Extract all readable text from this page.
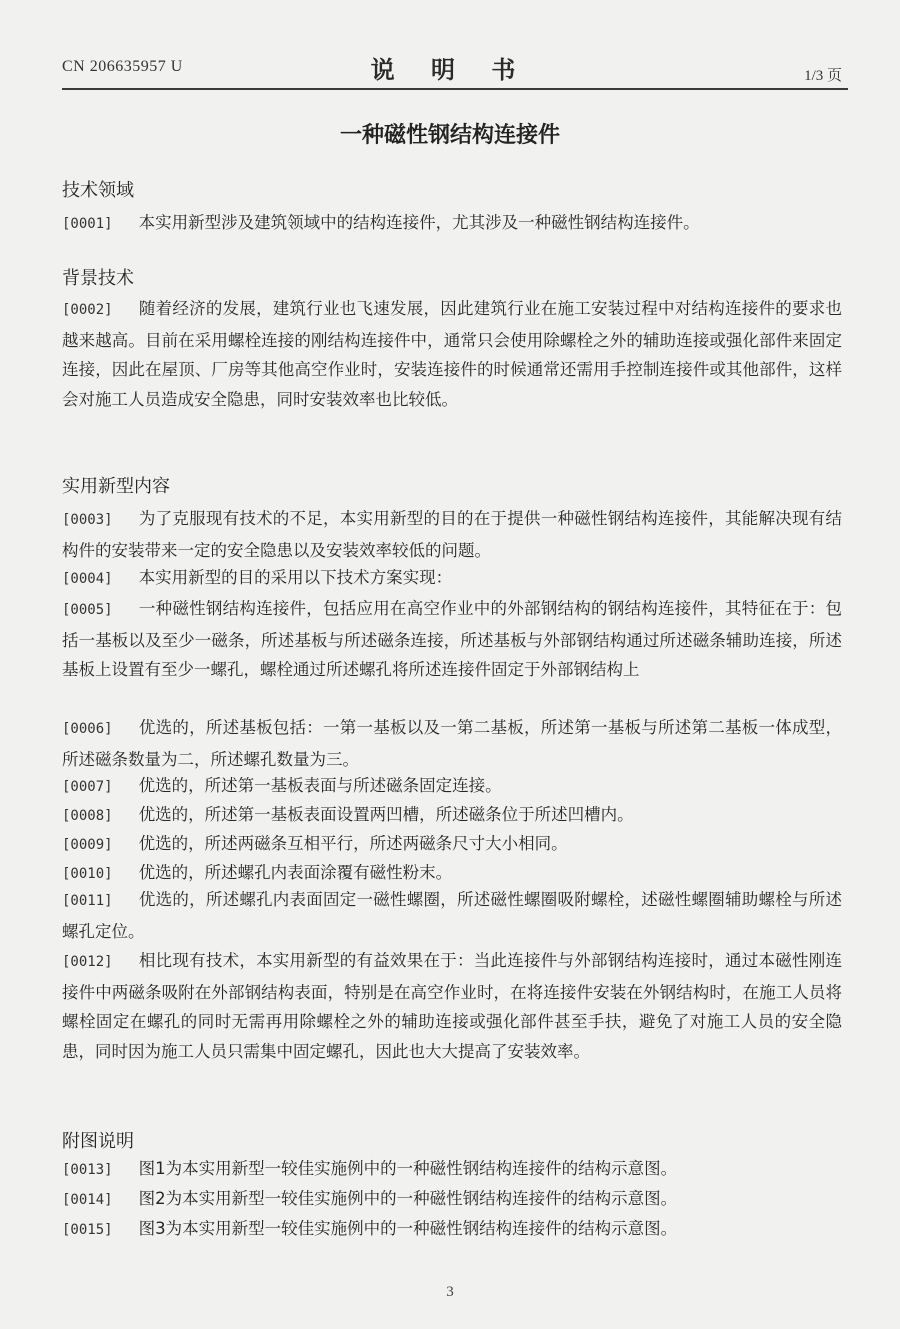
CN 206635957 U	说 明 书	1/3 页
一种磁性钢结构连接件
技术领域
[0001] 本实用新型涉及建筑领域中的结构连接件，尤其涉及一种磁性钢结构连接件。
背景技术
[0002] 随着经济的发展，建筑行业也飞速发展，因此建筑行业在施工安装过程中对结构连接件的要求也越来越高。目前在采用螺栓连接的刚结构连接件中，通常只会使用除螺栓之外的辅助连接或强化部件来固定连接，因此在屋顶、厂房等其他高空作业时，安装连接件的时候通常还需用手控制连接件或其他部件，这样会对施工人员造成安全隐患，同时安装效率也比较低。
实用新型内容
[0003] 为了克服现有技术的不足，本实用新型的目的在于提供一种磁性钢结构连接件，其能解决现有结构件的安装带来一定的安全隐患以及安装效率较低的问题。
[0004] 本实用新型的目的采用以下技术方案实现：
[0005] 一种磁性钢结构连接件，包括应用在高空作业中的外部钢结构的钢结构连接件，其特征在于：包括一基板以及至少一磁条，所述基板与所述磁条连接，所述基板与外部钢结构通过所述磁条辅助连接，所述基板上设置有至少一螺孔，螺栓通过所述螺孔将所述连接件固定于外部钢结构上
[0006] 优选的，所述基板包括：一第一基板以及一第二基板，所述第一基板与所述第二基板一体成型，所述磁条数量为二，所述螺孔数量为三。
[0007] 优选的，所述第一基板表面与所述磁条固定连接。
[0008] 优选的，所述第一基板表面设置两凹槽，所述磁条位于所述凹槽内。
[0009] 优选的，所述两磁条互相平行，所述两磁条尺寸大小相同。
[0010] 优选的，所述螺孔内表面涂覆有磁性粉末。
[0011] 优选的，所述螺孔内表面固定一磁性螺圈，所述磁性螺圈吸附螺栓，述磁性螺圈辅助螺栓与所述螺孔定位。
[0012] 相比现有技术，本实用新型的有益效果在于：当此连接件与外部钢结构连接时，通过本磁性刚连接件中两磁条吸附在外部钢结构表面，特别是在高空作业时，在将连接件安装在外钢结构时，在施工人员将螺栓固定在螺孔的同时无需再用除螺栓之外的辅助连接或强化部件甚至手扶，避免了对施工人员的安全隐患，同时因为施工人员只需集中固定螺孔，因此也大大提高了安装效率。
附图说明
[0013] 图1为本实用新型一较佳实施例中的一种磁性钢结构连接件的结构示意图。
[0014] 图2为本实用新型一较佳实施例中的一种磁性钢结构连接件的结构示意图。
[0015] 图3为本实用新型一较佳实施例中的一种磁性钢结构连接件的结构示意图。
3
